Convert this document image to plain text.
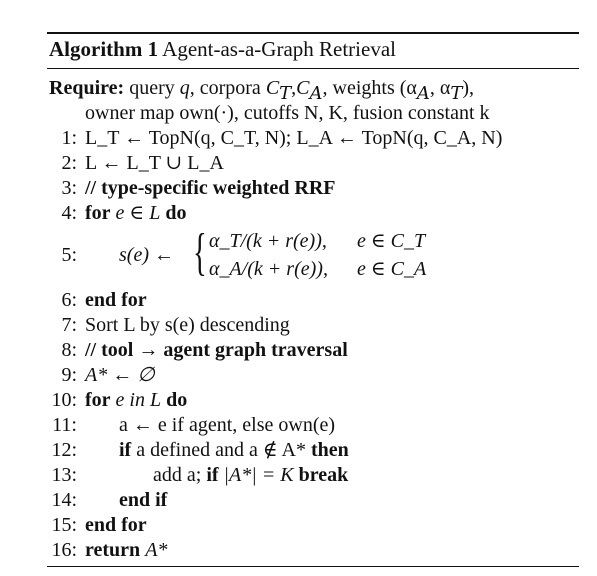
Algorithm 1 Agent-as-a-Graph Retrieval
Require: query q, corpora $C_T,C_A$, weights ($\alpha_A$, $\alpha_T$),
owner map own(·), cutoffs N, K, fusion constant k
1: L_T ← TopN(q, C_T, N); L_A ← TopN(q, C_A, N)
2: L ← L_T ∪ L_A
3: // type-specific weighted RRF
4: for e ∈ L do
5: s(e) ← { α_T/(k + r(e)), e ∈ C_T
α_A/(k + r(e)), e ∈ C_A
6: end for
7: Sort L by s(e) descending
8: // tool → agent graph traversal
9: A* ← ∅
10: for e in L do
11: a ← e if agent, else own(e)
12: if a defined and a ∉ A* then
13:	add a; if |A*| = K break
14: end if
15: end for
16: return A*
